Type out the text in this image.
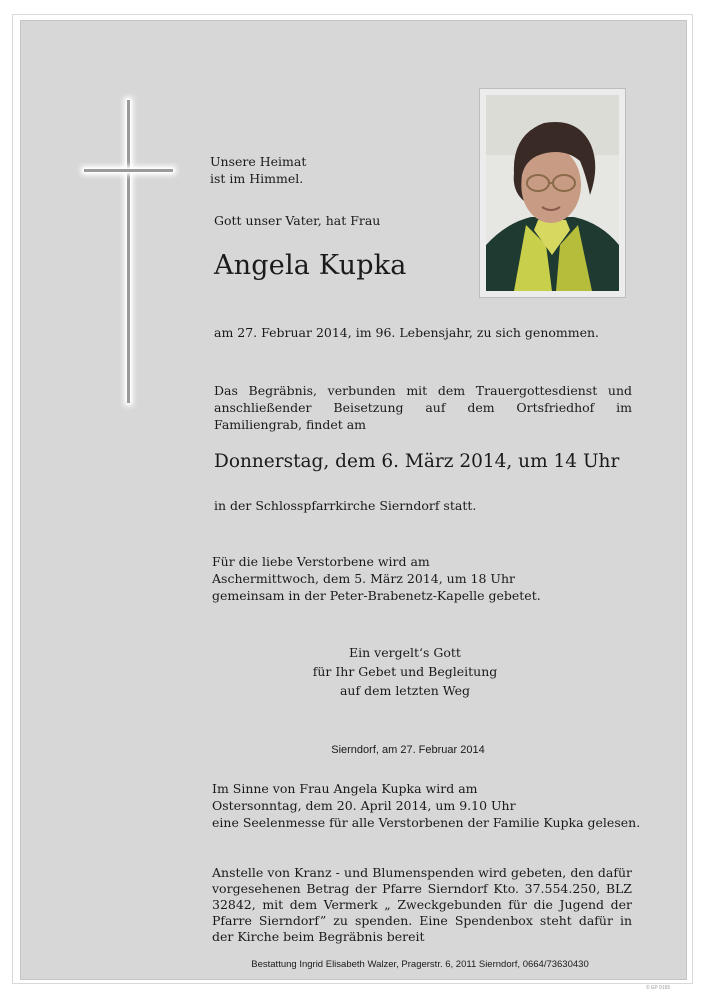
Unsere Heimat
ist im Himmel.
Gott unser Vater, hat Frau
Angela Kupka
am 27. Februar 2014, im 96. Lebensjahr, zu sich genommen.
Das Begräbnis, verbunden mit dem Trauergottesdienst und anschließender Beisetzung auf dem Ortsfriedhof im Familiengrab, findet am
Donnerstag, dem 6. März 2014, um 14 Uhr
in der Schlosspfarrkirche Sierndorf statt.
Für die liebe Verstorbene wird am
Aschermittwoch, dem 5. März 2014, um 18 Uhr
gemeinsam in der Peter-Brabenetz-Kapelle gebetet.
Ein vergelt‘s Gott
für Ihr Gebet und Begleitung
auf dem letzten Weg
Sierndorf, am 27. Februar 2014
Im Sinne von Frau Angela Kupka wird am
Ostersonntag, dem 20. April 2014, um 9.10 Uhr
eine Seelenmesse für alle Verstorbenen der Familie Kupka gelesen.
Anstelle von Kranz - und Blumenspenden wird gebeten, den dafür vorgesehenen Betrag der Pfarre Sierndorf Kto. 37.554.250, BLZ 32842, mit dem Vermerk „ Zweckgebunden für die Jugend der Pfarre Sierndorf” zu spenden. Eine Spendenbox steht dafür in der Kirche beim Begräbnis bereit
Bestattung Ingrid Elisabeth Walzer, Pragerstr. 6, 2011 Sierndorf, 0664/73630430
© EP 9165
